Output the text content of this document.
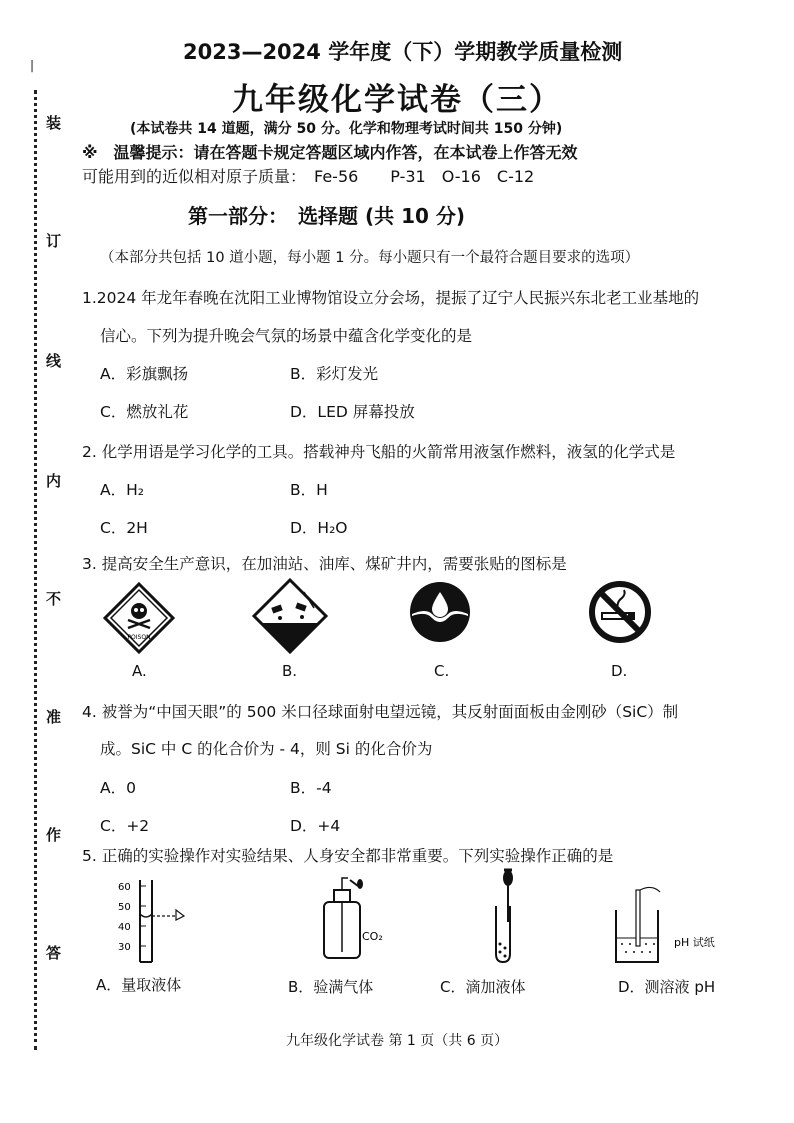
|
装
订
线
内
不
准
作
答
2023—2024 学年度（下）学期教学质量检测
九年级化学试卷（三）
(本试卷共 14 道题，满分 50 分。化学和物理考试时间共 150 分钟)
※　温馨提示：请在答题卡规定答题区域内作答，在本试卷上作答无效
可能用到的近似相对原子质量：　Fe-56　　P-31　O-16　C-12
第一部分：　选择题 (共 10 分)
（本部分共包括 10 道小题，每小题 1 分。每小题只有一个最符合题目要求的选项）
1.2024 年龙年春晚在沈阳工业博物馆设立分会场，提振了辽宁人民振兴东北老工业基地的
信心。下列为提升晚会气氛的场景中蕴含化学变化的是
A．彩旗飘扬	B．彩灯发光
C．燃放礼花	D．LED 屏幕投放
2. 化学用语是学习化学的工具。搭载神舟飞船的火箭常用液氢作燃料，液氢的化学式是
A．H₂	B．H
C．2H	D．H₂O
3. 提高安全生产意识，在加油站、油库、煤矿井内，需要张贴的图标是
POISON
A.	B.	C.	D.
4. 被誉为“中国天眼”的 500 米口径球面射电望远镜，其反射面面板由金刚砂（SiC）制
成。SiC 中 C 的化合价为 - 4，则 Si 的化合价为
A．0	B．-4
C．+2	D．+4
5. 正确的实验操作对实验结果、人身安全都非常重要。下列实验操作正确的是
60
50
40
30
CO₂	pH 试纸
A．量取液体	B．验满气体	C．滴加液体	D．测溶液 pH
九年级化学试卷 第 1 页（共 6 页）
